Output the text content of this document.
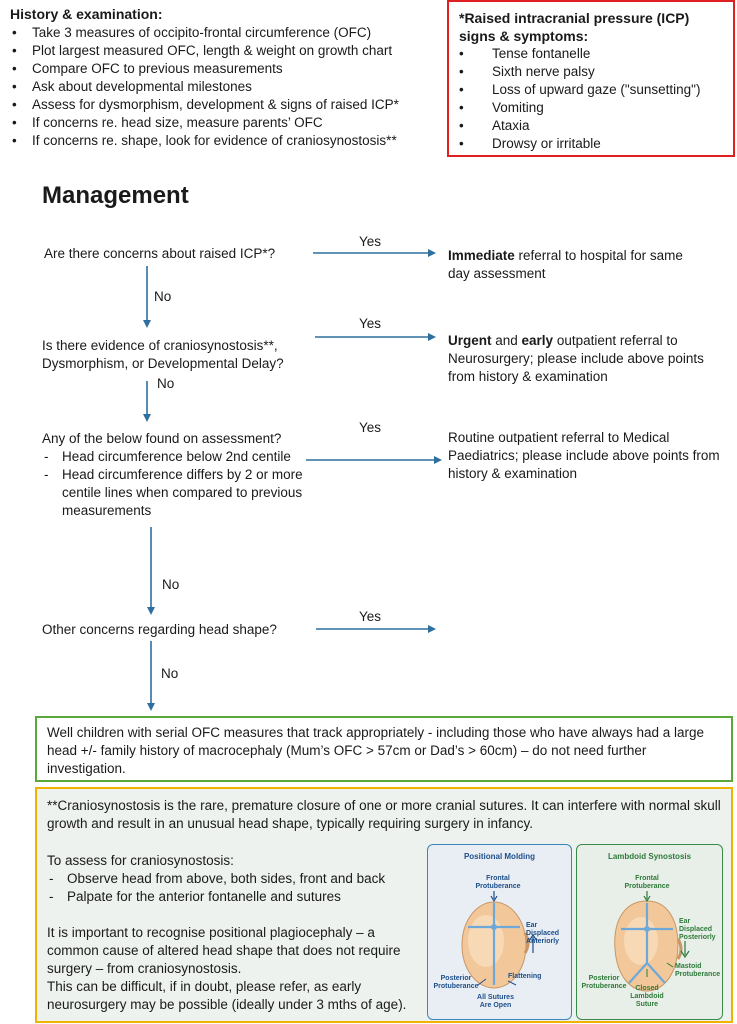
History & examination:
• Take 3 measures of occipito-frontal circumference (OFC)
• Plot largest measured OFC, length & weight on growth chart
• Compare OFC to previous measurements
• Ask about developmental milestones
• Assess for dysmorphism, development & signs of raised ICP*
• If concerns re. head size, measure parents’ OFC
• If concerns re. shape, look for evidence of craniosynostosis**
*Raised intracranial pressure (ICP) signs & symptoms:
• Tense fontanelle
• Sixth nerve palsy
• Loss of upward gaze ("sunsetting")
• Vomiting
• Ataxia
• Drowsy or irritable
Management
Are there concerns about raised ICP*?
Yes
No
Is there evidence of craniosynostosis**,
Dysmorphism, or Developmental Delay?
Yes
No
Any of the below found on assessment?
- Head circumference below 2nd centile
- Head circumference differs by 2 or more centile lines when compared to previous measurements
Yes
No
Other concerns regarding head shape?
Yes
No
Immediate referral to hospital for same day assessment
Urgent and early outpatient referral to Neurosurgery; please include above points from history & examination
Routine outpatient referral to Medical Paediatrics; please include above points from history & examination
Well children with serial OFC measures that track appropriately - including those who have always had a large head +/- family history of macrocephaly (Mum’s OFC > 57cm or Dad’s > 60cm) – do not need further investigation.
**Craniosynostosis is the rare, premature closure of one or more cranial sutures. It can interfere with normal skull growth and result in an unusual head shape, typically requiring surgery in infancy.
To assess for craniosynostosis:
- Observe head from above, both sides, front and back
- Palpate for the anterior fontanelle and sutures
It is important to recognise positional plagiocephaly – a common cause of altered head shape that does not require surgery – from craniosynostosis.
This can be difficult, if in doubt, please refer, as early neurosurgery may be possible (ideally under 3 mths of age).
Positional Molding
Frontal Protuberance
Ear Displaced Anteriorly
Posterior Protuberance
Flattening
All Sutures Are Open
Lambdoid Synostosis
Frontal Protuberance
Ear Displaced Posteriorly
Mastoid Protuberance
Posterior Protuberance	Closed Lambdoid Suture
